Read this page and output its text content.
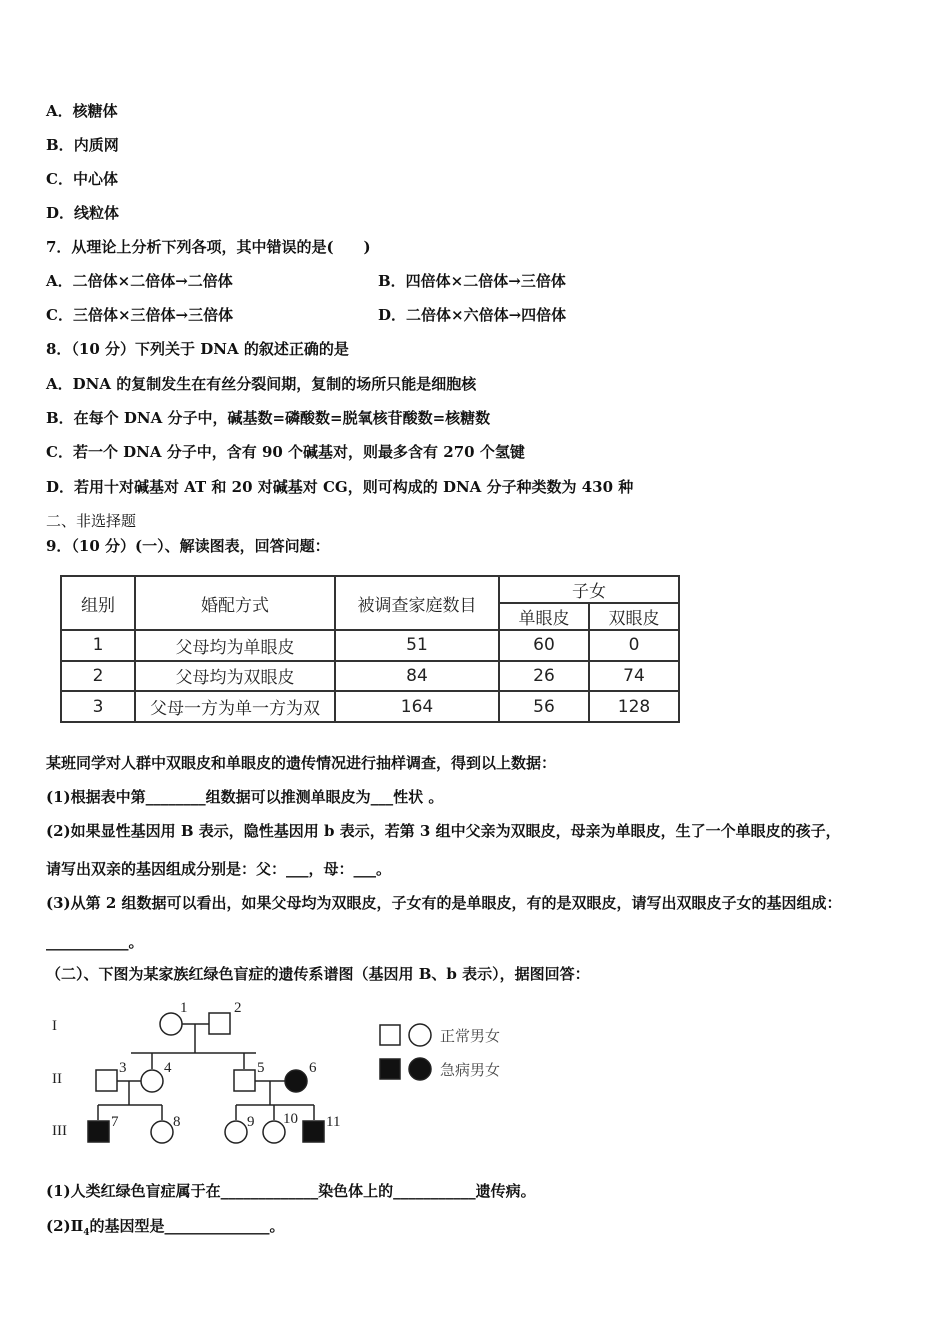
A．核糖体
B．内质网
C．中心体
D．线粒体
7．从理论上分析下列各项，其中错误的是(　　)
A．二倍体×二倍体→二倍体	B．四倍体×二倍体→三倍体
C．三倍体×三倍体→三倍体	D．二倍体×六倍体→四倍体
8．（10 分）下列关于 DNA 的叙述正确的是
A．DNA 的复制发生在有丝分裂间期，复制的场所只能是细胞核
B．在每个 DNA 分子中，碱基数=磷酸数=脱氧核苷酸数=核糖数
C．若一个 DNA 分子中，含有 90 个碱基对，则最多含有 270 个氢键
D．若用十对碱基对 AT 和 20 对碱基对 CG，则可构成的 DNA 分子种类数为 430 种
二、非选择题
9．（10 分）(一）、解读图表，回答问题：
组别	婚配方式	被调查家庭数目	子女	
			单眼皮	双眼皮
1	父母均为单眼皮	51	60	0
2	父母均为双眼皮	84	26	74
3	父母一方为单一方为双	164	56	128
某班同学对人群中双眼皮和单眼皮的遗传情况进行抽样调查，得到以上数据：
(1)根据表中第________组数据可以推测单眼皮为___性状 。
(2)如果显性基因用 B 表示，隐性基因用 b 表示，若第 3 组中父亲为双眼皮，母亲为单眼皮，生了一个单眼皮的孩子，
请写出双亲的基因组成分别是：父：___，母：___。
(3)从第 2 组数据可以看出，如果父母均为双眼皮，子女有的是单眼皮，有的是双眼皮，请写出双眼皮子女的基因组成：
___________。
（二）、下图为某家族红绿色盲症的遗传系谱图（基因用 B、b 表示），据图回答：
I
II
III
1	2
3	4	5	6
7	8	9 10 11
正常男女
急病男女
(1)人类红绿色盲症属于在_____________染色体上的___________遗传病。
$(2)Ⅱ_4$的基因型是______________。
